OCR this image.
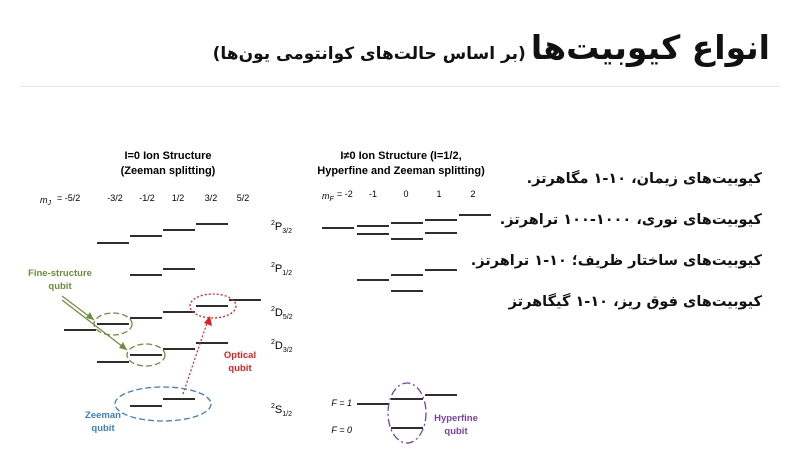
انواع کیوبیت‌ها (بر اساس حالت‌های کوانتومی یون‌ها)
I=0 Ion Structure
(Zeeman splitting)
$m_J$
= -5/2	-3/2 -1/2 1/2 3/2 5/2
$^2P_{3/2}$
$^2P_{1/2}$
$^2D_{5/2}$
$^2D_{3/2}$
$^2S_{1/2}$
Fine-structure
qubit
Optical
qubit
Zeeman
qubit
I≠0 Ion Structure (I=1/2,
Hyperfine and Zeeman splitting)
$m_F$
= -2 -1	0	1	2
F = 1
F = 0
Hyperfine
qubit
کیوبیت‌های زیمان، ۱۰-۱ مگاهرتز.
کیوبیت‌های نوری، ۱۰۰۰-۱۰۰ تراهرتز.
کیوبیت‌های ساختار ظریف؛ ۱۰-۱ تراهرتز.
کیوبیت‌های فوق ریز، ۱۰-۱ گیگاهرتز
